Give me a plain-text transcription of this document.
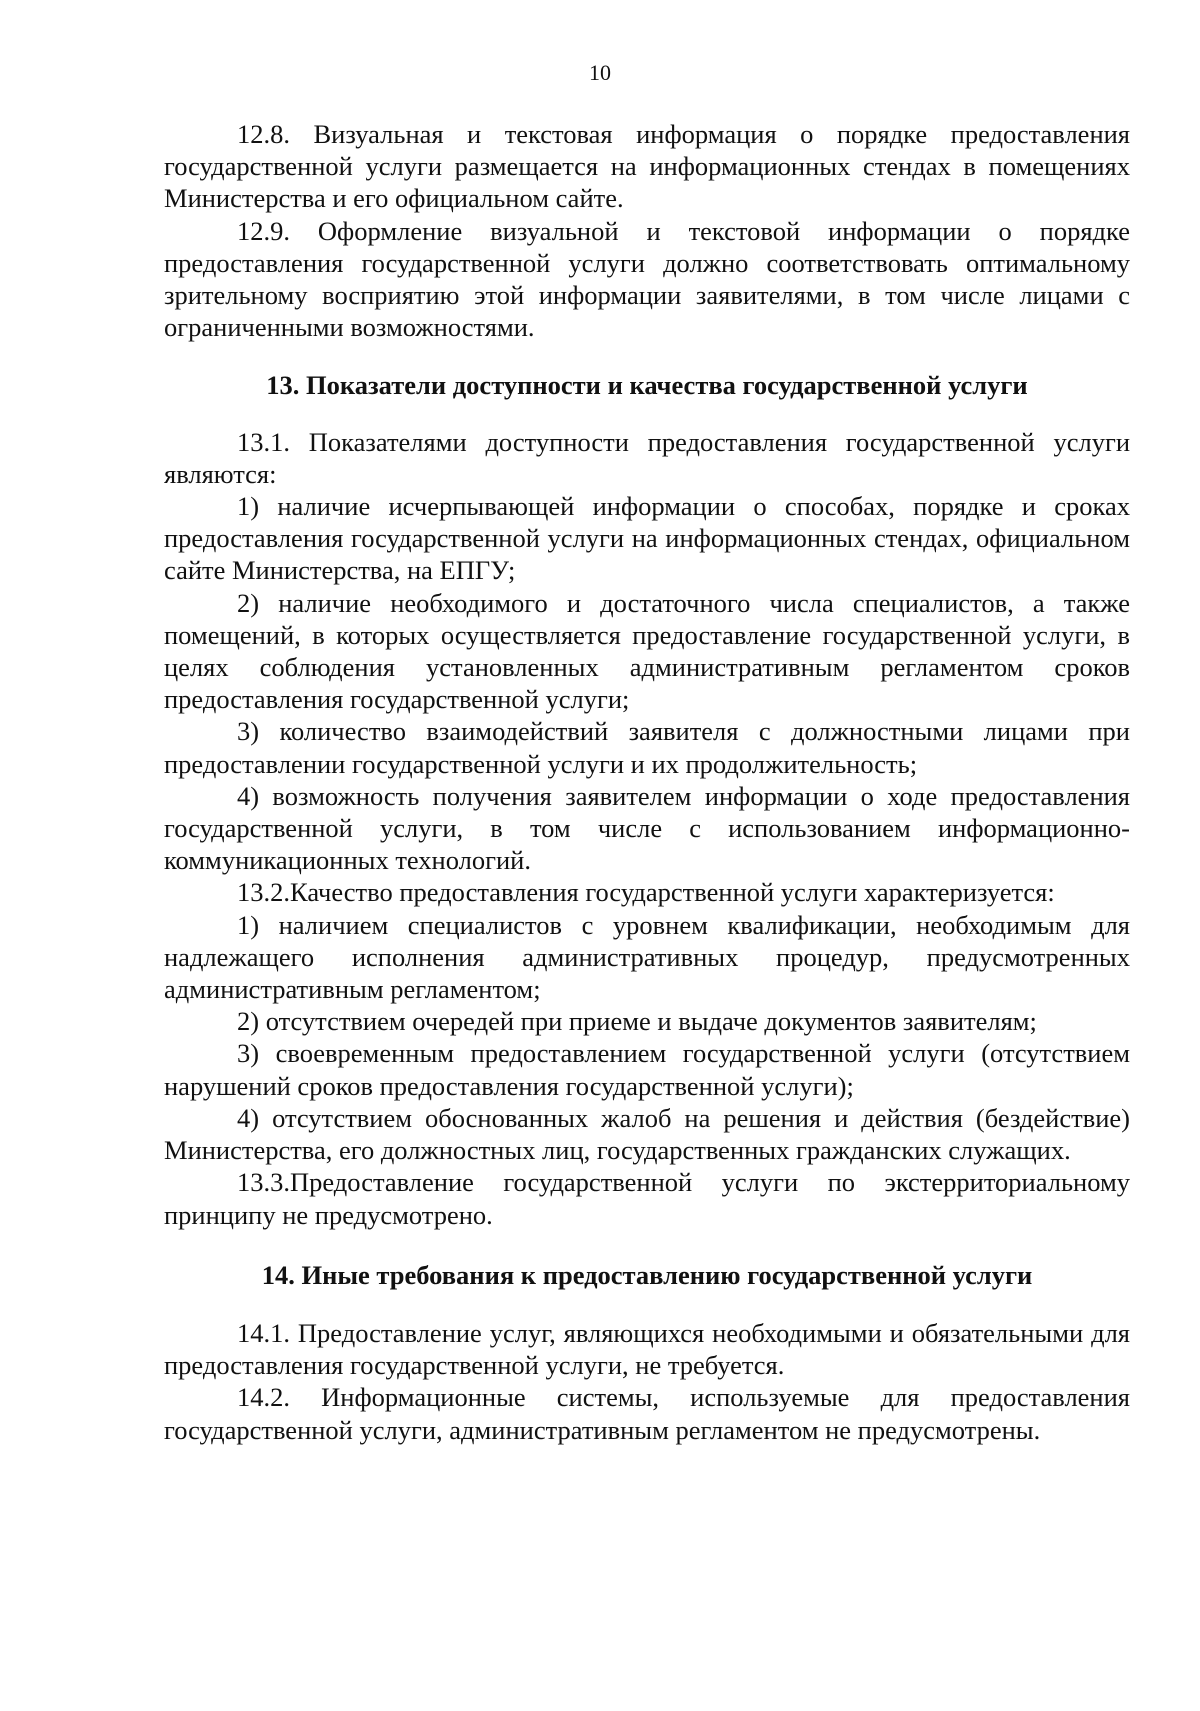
10

12.8. Визуальная и текстовая информация о порядке предоставления государственной услуги размещается на информационных стендах в помещениях Министерства и его официальном сайте.

12.9. Оформление визуальной и текстовой информации о порядке предоставления государственной услуги должно соответствовать оптимальному зрительному восприятию этой информации заявителями, в том числе лицами с ограниченными возможностями.

13. Показатели доступности и качества государственной услуги

13.1. Показателями доступности предоставления государственной услуги являются:

1) наличие исчерпывающей информации о способах, порядке и сроках предоставления государственной услуги на информационных стендах, официальном сайте Министерства, на ЕПГУ;

2) наличие необходимого и достаточного числа специалистов, а также помещений, в которых осуществляется предоставление государственной услуги, в целях соблюдения установленных административным регламентом сроков предоставления государственной услуги;

3) количество взаимодействий заявителя с должностными лицами при предоставлении государственной услуги и их продолжительность;

4) возможность получения заявителем информации о ходе предоставления государственной услуги, в том числе с использованием информационно-коммуникационных технологий.

13.2.Качество предоставления государственной услуги характеризуется:

1) наличием специалистов с уровнем квалификации, необходимым для надлежащего исполнения административных процедур, предусмотренных административным регламентом;

2) отсутствием очередей при приеме и выдаче документов заявителям;

3) своевременным предоставлением государственной услуги (отсутствием нарушений сроков предоставления государственной услуги);

4) отсутствием обоснованных жалоб на решения и действия (бездействие) Министерства, его должностных лиц, государственных гражданских служащих.

13.3.Предоставление государственной услуги по экстерриториальному принципу не предусмотрено.

14. Иные требования к предоставлению государственной услуги

14.1. Предоставление услуг, являющихся необходимыми и обязательными для предоставления государственной услуги, не требуется.

14.2. Информационные системы, используемые для предоставления государственной услуги, административным регламентом не предусмотрены.
